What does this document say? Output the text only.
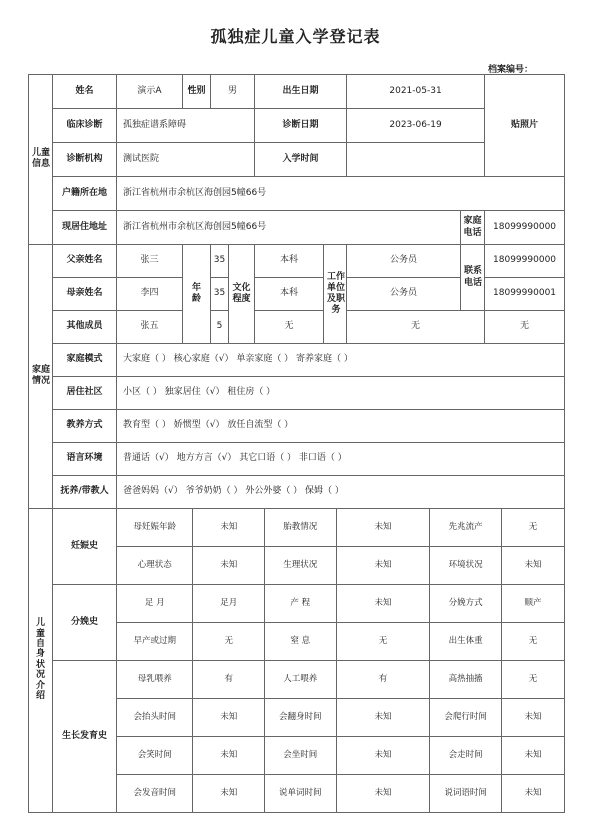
孤独症儿童入学登记表
档案编号：
儿童信息	姓名	演示A	性别	男	出生日期	2021-05-31	贴照片
临床诊断	孤独症谱系障碍	诊断日期	2023-06-19
诊断机构	测试医院	入学时间	
户籍所在地	浙江省杭州市余杭区海创园5幢66号
现居住地址	浙江省杭州市余杭区海创园5幢66号	家庭电话	18099990000
家庭情况	父亲姓名	张三	年龄	35	文化程度	本科	工作单位及职务	公务员	联系电话	18099990000
母亲姓名	李四	35	本科	公务员	18099990001
其他成员	张五	5	无	无	无
家庭模式	大家庭（ ） 核心家庭（√） 单亲家庭（ ） 寄养家庭（ ）
居住社区	小区（ ） 独家居住（√） 租住房（ ）
教养方式	教育型（ ） 娇惯型（√） 放任自流型（ ）
语言环境	普通话（√） 地方方言（√） 其它口语（ ） 非口语（ ）
抚养/带教人	爸爸妈妈（√） 爷爷奶奶（ ） 外公外婆（ ） 保姆（ ）
儿童自身状况介绍	妊娠史	
母妊娠年龄	未知	胎教情况	未知	先兆流产	无
心理状态	未知	生理状况	未知	环境状况	未知

分娩史	
足 月	足月	产 程	未知	分娩方式	顺产
早产或过期	无	窒 息	无	出生体重	无

生长发育史	
母乳喂养	有	人工喂养	有	高热抽搐	无
会抬头时间	未知	会翻身时间	未知	会爬行时间	未知
会笑时间	未知	会坐时间	未知	会走时间	未知
会发音时间	未知	说单词时间	未知	说词语时间	未知
